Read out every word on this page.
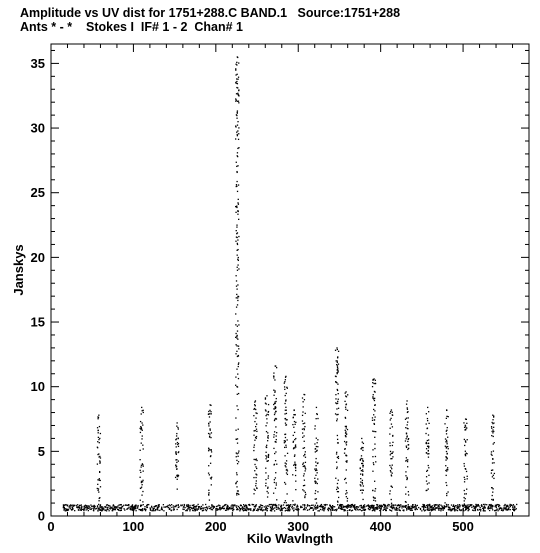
Amplitude vs UV dist for 1751+288.C BAND.1   Source:1751+288
Ants * - *    Stokes I  IF# 1 - 2  Chan# 1
0	100	200	300	400	500
0
5
10
15
20
25
30
35
Kilo Wavlngth
Janskys
